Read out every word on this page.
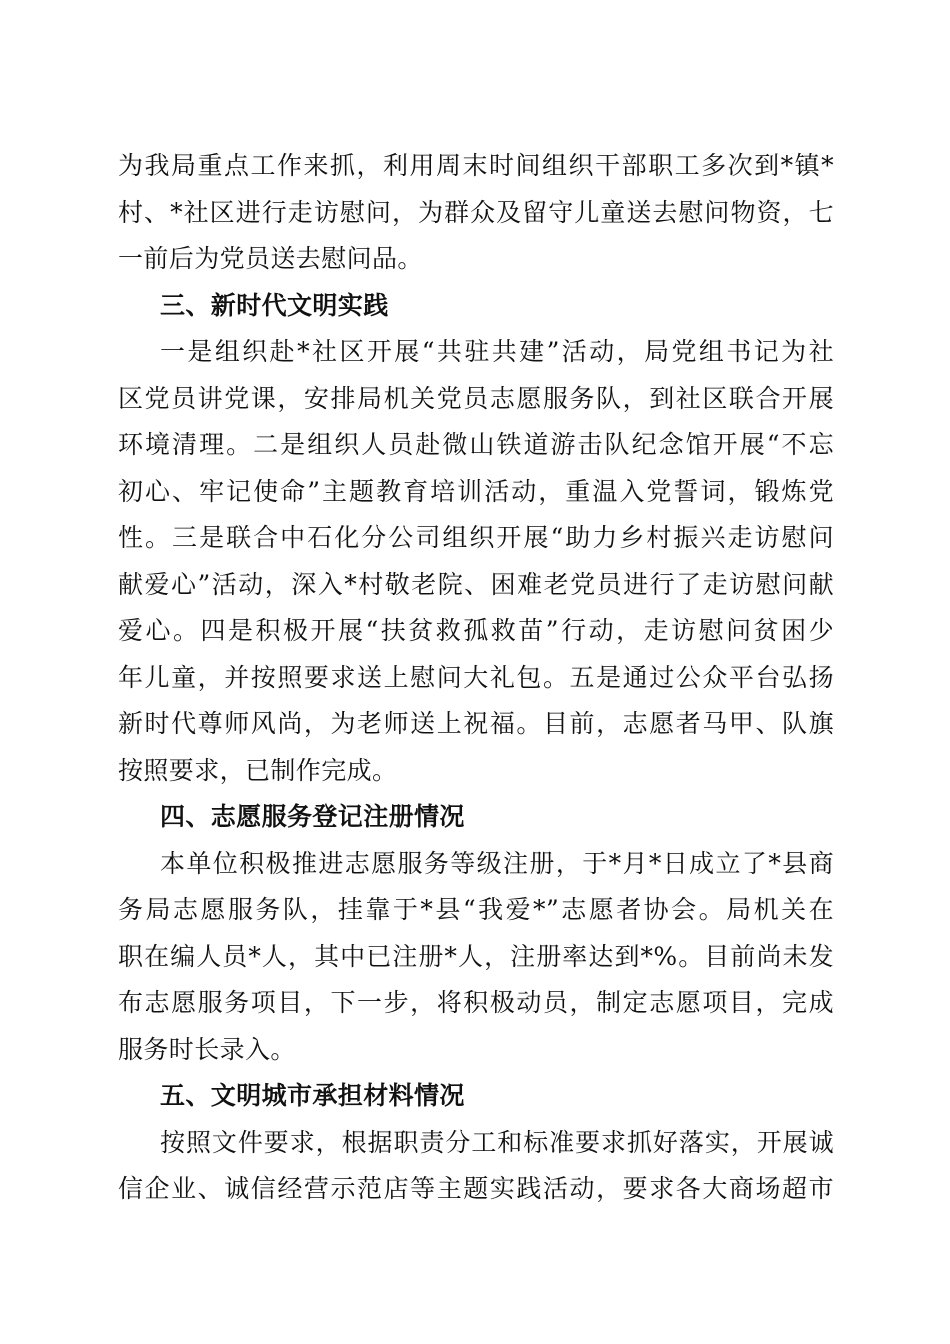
为我局重点工作来抓，利用周末时间组织干部职工多次到*镇*
村、*社区进行走访慰问，为群众及留守儿童送去慰问物资，七
一前后为党员送去慰问品。
三、新时代文明实践
一是组织赴*社区开展“共驻共建”活动，局党组书记为社
区党员讲党课，安排局机关党员志愿服务队，到社区联合开展
环境清理。二是组织人员赴微山铁道游击队纪念馆开展“不忘
初心、牢记使命”主题教育培训活动，重温入党誓词，锻炼党
性。三是联合中石化分公司组织开展“助力乡村振兴走访慰问
献爱心”活动，深入*村敬老院、困难老党员进行了走访慰问献
爱心。四是积极开展“扶贫救孤救苗”行动，走访慰问贫困少
年儿童，并按照要求送上慰问大礼包。五是通过公众平台弘扬
新时代尊师风尚，为老师送上祝福。目前，志愿者马甲、队旗
按照要求，已制作完成。
四、志愿服务登记注册情况
本单位积极推进志愿服务等级注册，于*月*日成立了*县商
务局志愿服务队，挂靠于*县“我爱*”志愿者协会。局机关在
职在编人员*人，其中已注册*人，注册率达到*%。目前尚未发
布志愿服务项目，下一步，将积极动员，制定志愿项目，完成
服务时长录入。
五、文明城市承担材料情况
按照文件要求，根据职责分工和标准要求抓好落实，开展诚
信企业、诚信经营示范店等主题实践活动，要求各大商场超市
